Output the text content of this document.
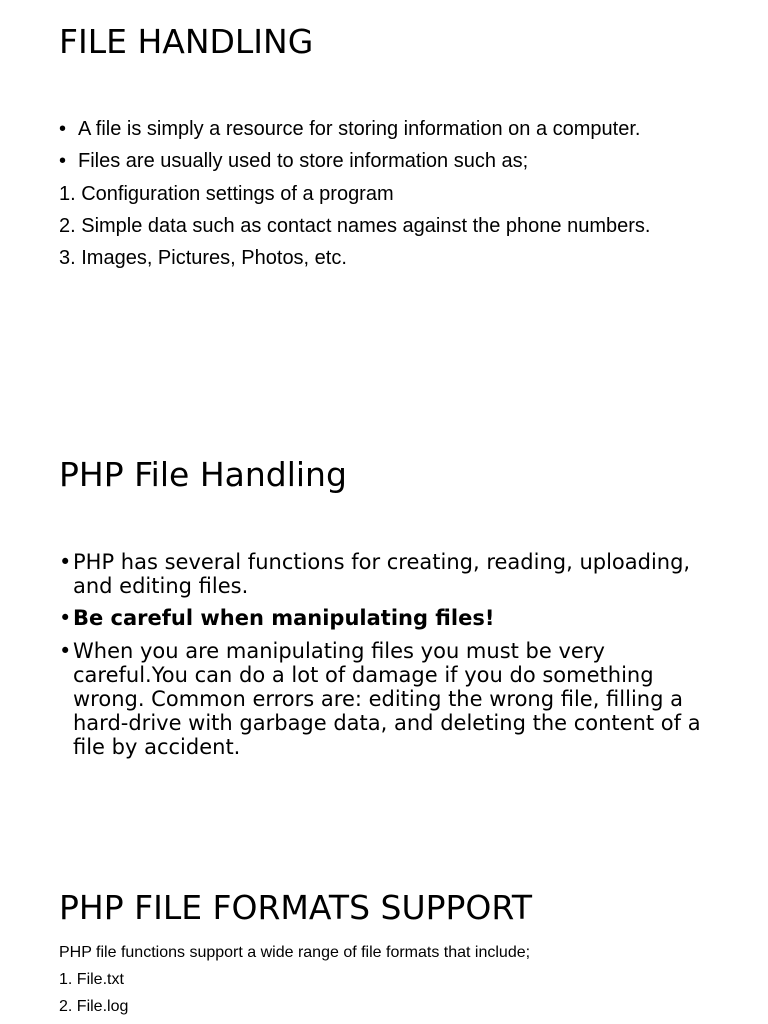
FILE HANDLING
• A file is simply a resource for storing information on a computer.
• Files are usually used to store information such as;
1. Configuration settings of a program
2. Simple data such as contact names against the phone numbers.
3. Images, Pictures, Photos, etc.
PHP File Handling
• PHP has several functions for creating, reading, uploading, and editing files.
• Be careful when manipulating files!
• When you are manipulating files you must be very careful.You can do a lot of damage if you do something wrong. Common errors are: editing the wrong file, filling a hard-drive with garbage data, and deleting the content of a file by accident.
PHP FILE FORMATS SUPPORT
PHP file functions support a wide range of file formats that include;
1. File.txt
2. File.log
